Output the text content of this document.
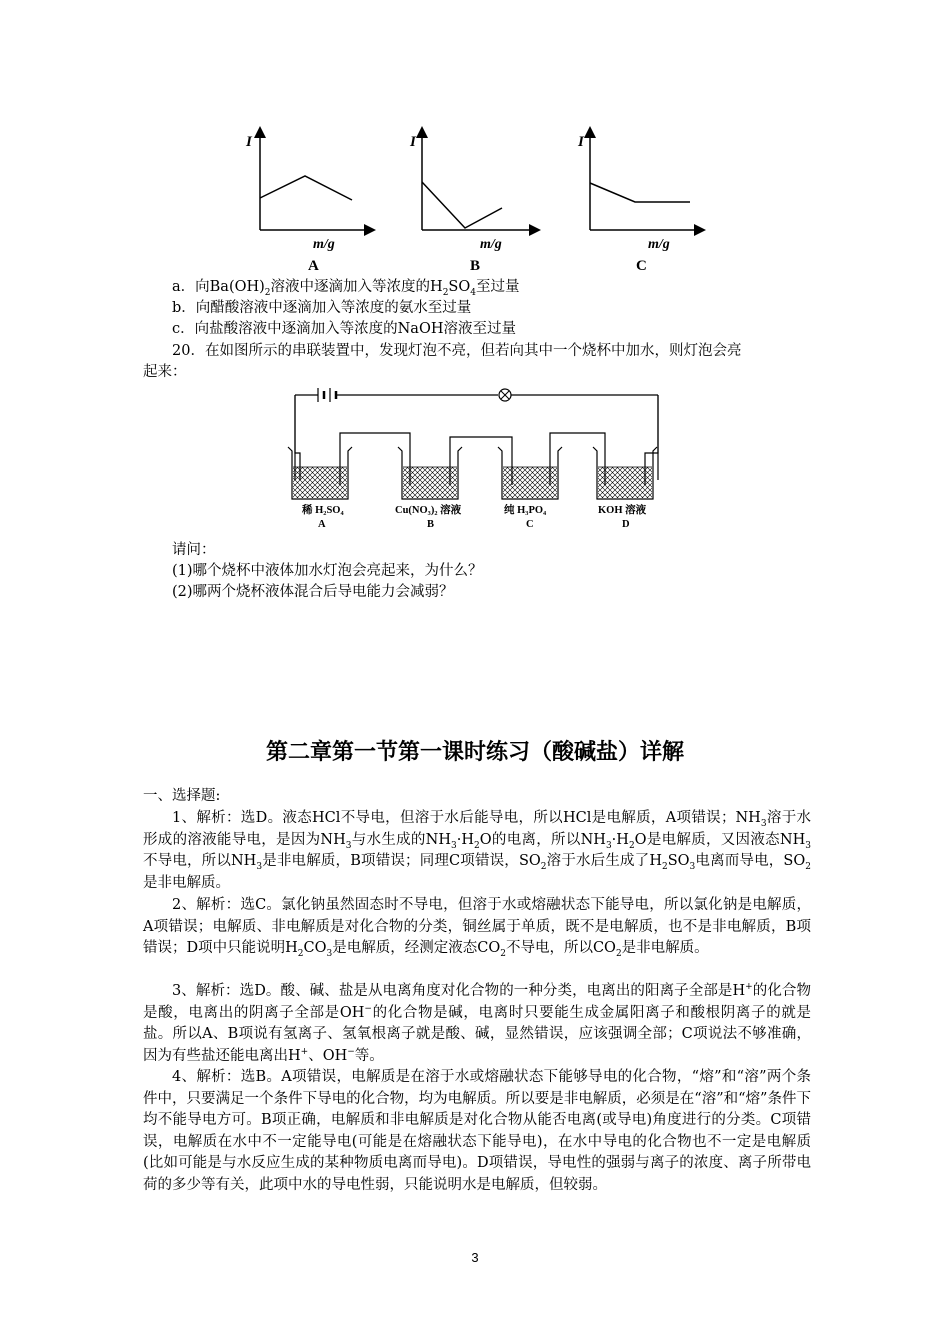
I
m/g
A
I
m/g
B
I
m/g
C
a．向$Ba(OH)_2$溶液中逐滴加入等浓度的$H_2SO_4$至过量
b．向醋酸溶液中逐滴加入等浓度的氨水至过量
c．向盐酸溶液中逐滴加入等浓度的NaOH溶液至过量
20．在如图所示的串联装置中，发现灯泡不亮，但若向其中一个烧杯中加水，则灯泡会亮
起来：
稀 H₂SO₄
A
Cu(NO₃)₂ 溶液
B
纯 H₃PO₄
C
KOH 溶液
D
请问：
(1)哪个烧杯中液体加水灯泡会亮起来，为什么？
(2)哪两个烧杯液体混合后导电能力会减弱？
第二章第一节第一课时练习（酸碱盐）详解
一、选择题:
1、解析：选D。液态HCl不导电，但溶于水后能导电，所以HCl是电解质，A项错误；$NH_3$溶于水形成的溶液能导电，是因为$NH_3$与水生成的$NH_3\cdot H_2O$的电离，所以$NH_3\cdot H_2O$是电解质，又因液态$NH_3$不导电，所以$NH_3$是非电解质，B项错误；同理C项错误，$SO_2$溶于水后生成了$H_2SO_3$电离而导电，$SO_2$是非电解质。
2、解析：选C。氯化钠虽然固态时不导电，但溶于水或熔融状态下能导电，所以氯化钠是电解质，A项错误；电解质、非电解质是对化合物的分类，铜丝属于单质，既不是电解质，也不是非电解质，B项错误；D项中只能说明$H_2CO_3$是电解质，经测定液态$CO_2$不导电，所以$CO_2$是非电解质。
3、解析：选D。酸、碱、盐是从电离角度对化合物的一种分类，电离出的阳离子全部是H+的化合物是酸，电离出的阴离子全部是OH−的化合物是碱，电离时只要能生成金属阳离子和酸根阴离子的就是盐。所以A、B项说有氢离子、氢氧根离子就是酸、碱，显然错误，应该强调全部；C项说法不够准确，因为有些盐还能电离出H+、OH−等。
4、解析：选B。A项错误，电解质是在溶于水或熔融状态下能够导电的化合物，“熔”和“溶”两个条件中，只要满足一个条件下导电的化合物，均为电解质。所以要是非电解质，必须是在“溶”和“熔”条件下均不能导电方可。B项正确，电解质和非电解质是对化合物从能否电离(或导电)角度进行的分类。C项错误，电解质在水中不一定能导电(可能是在熔融状态下能导电)，在水中导电的化合物也不一定是电解质(比如可能是与水反应生成的某种物质电离而导电)。D项错误，导电性的强弱与离子的浓度、离子所带电荷的多少等有关，此项中水的导电性弱，只能说明水是电解质，但较弱。
3
